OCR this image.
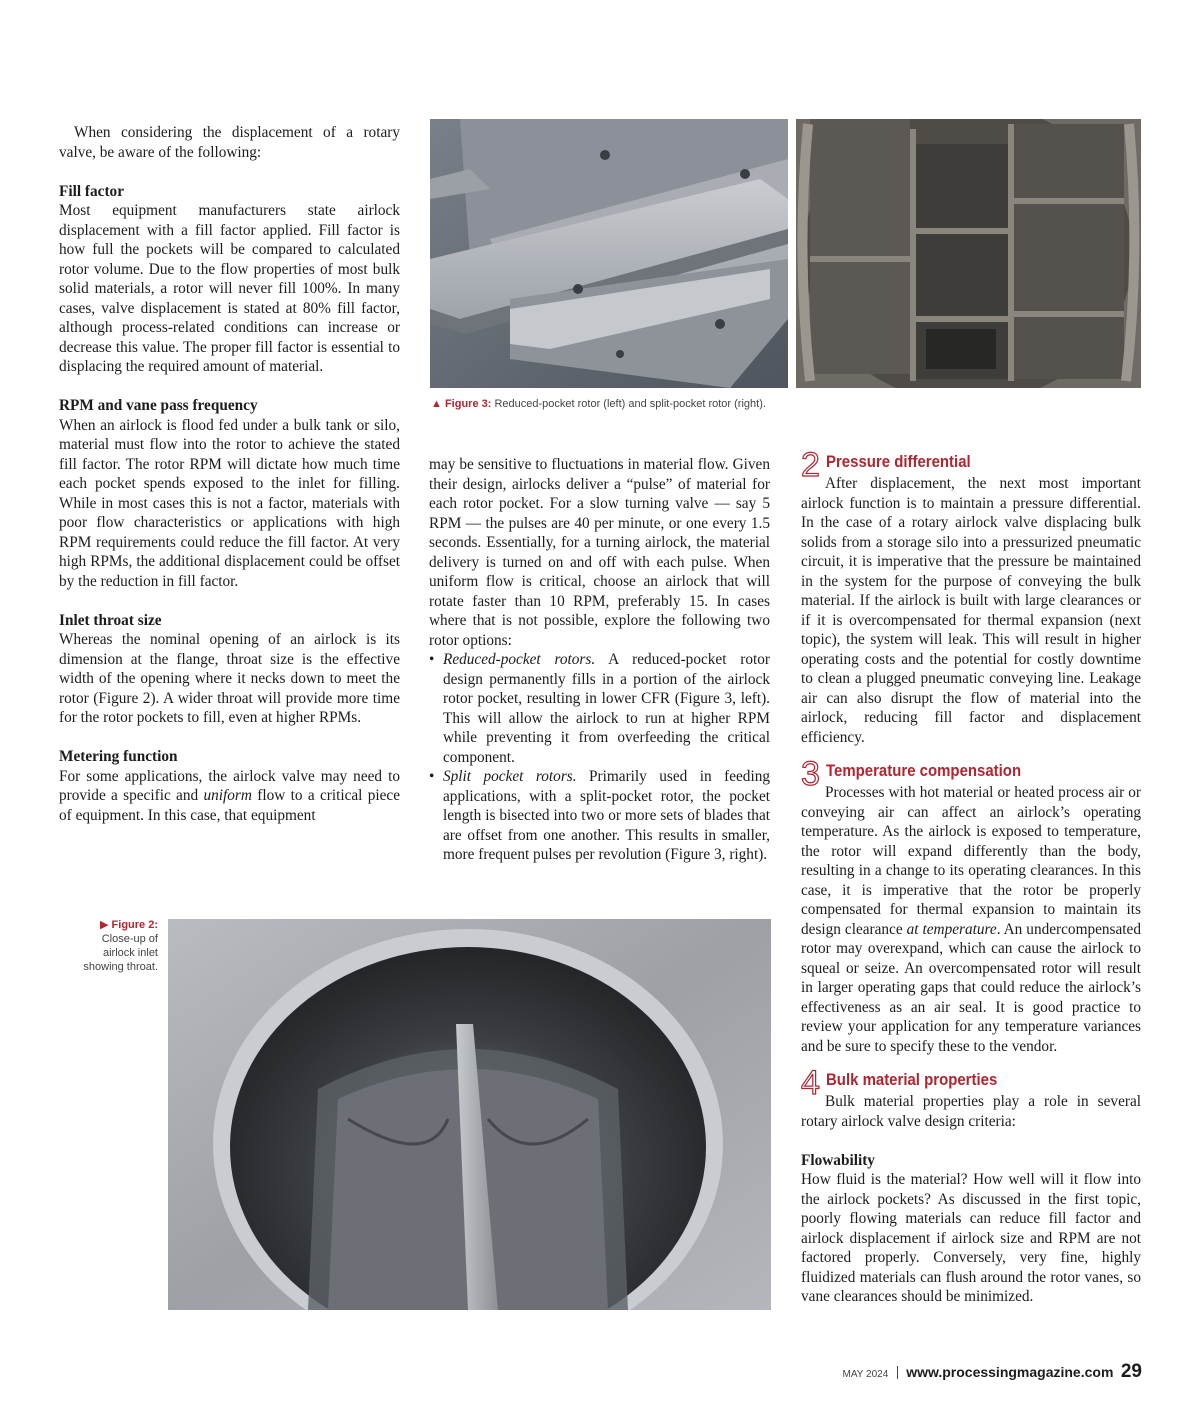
▲ Figure 3: Reduced-pocket rotor (left) and split-pocket rotor (right).

When considering the displacement of a rotary valve, be aware of the following:

Fill factor

Most equipment manufacturers state airlock displacement with a fill factor applied. Fill factor is how full the pockets will be compared to calculated rotor volume. Due to the flow properties of most bulk solid materials, a rotor will never fill 100%. In many cases, valve displacement is stated at 80% fill factor, although process-related conditions can increase or decrease this value. The proper fill factor is essential to displacing the required amount of material.

RPM and vane pass frequency

When an airlock is flood fed under a bulk tank or silo, material must flow into the rotor to achieve the stated fill factor. The rotor RPM will dictate how much time each pocket spends exposed to the inlet for filling. While in most cases this is not a factor, materials with poor flow characteristics or applications with high RPM requirements could reduce the fill factor. At very high RPMs, the additional displacement could be offset by the reduction in fill factor.

Inlet throat size

Whereas the nominal opening of an airlock is its dimension at the flange, throat size is the effective width of the opening where it necks down to meet the rotor (Figure 2). A wider throat will provide more time for the rotor pockets to fill, even at higher RPMs.

Metering function

For some applications, the airlock valve may need to provide a specific and uniform flow to a critical piece of equipment. In this case, that equipment

may be sensitive to fluctuations in material flow. Given their design, airlocks deliver a “pulse” of material for each rotor pocket. For a slow turning valve — say 5 RPM — the pulses are 40 per minute, or one every 1.5 seconds. Essentially, for a turning airlock, the material delivery is turned on and off with each pulse. When uniform flow is critical, choose an airlock that will rotate faster than 10 RPM, preferably 15. In cases where that is not possible, explore the following two rotor options:

• Reduced-pocket rotors. A reduced-pocket rotor design permanently fills in a portion of the airlock rotor pocket, resulting in lower CFR (Figure 3, left). This will allow the airlock to run at higher RPM while preventing it from overfeeding the critical component.
• Split pocket rotors. Primarily used in feeding applications, with a split-pocket rotor, the pocket length is bisected into two or more sets of blades that are offset from one another. This results in smaller, more frequent pulses per revolution (Figure 3, right).
2 Pressure differential

After displacement, the next most important airlock function is to maintain a pressure differential. In the case of a rotary airlock valve displacing bulk solids from a storage silo into a pressurized pneumatic circuit, it is imperative that the pressure be maintained in the system for the purpose of conveying the bulk material. If the airlock is built with large clearances or if it is overcompensated for thermal expansion (next topic), the system will leak. This will result in higher operating costs and the potential for costly downtime to clean a plugged pneumatic conveying line. Leakage air can also disrupt the flow of material into the airlock, reducing fill factor and displacement efficiency.

3 Temperature compensation

Processes with hot material or heated process air or conveying air can affect an airlock’s operating temperature. As the airlock is exposed to temperature, the rotor will expand differently than the body, resulting in a change to its operating clearances. In this case, it is imperative that the rotor be properly compensated for thermal expansion to maintain its design clearance at temperature. An undercompensated rotor may overexpand, which can cause the airlock to squeal or seize. An overcompensated rotor will result in larger operating gaps that could reduce the airlock’s effectiveness as an air seal. It is good practice to review your application for any temperature variances and be sure to specify these to the vendor.

4 Bulk material properties

Bulk material properties play a role in several rotary airlock valve design criteria:

Flowability

How fluid is the material? How well will it flow into the airlock pockets? As discussed in the first topic, poorly flowing materials can reduce fill factor and airlock displacement if airlock size and RPM are not factored properly. Conversely, very fine, highly fluidized materials can flush around the rotor vanes, so vane clearances should be minimized.

▶ Figure 2:
Close-up of airlock inlet showing throat.
MAY 2024 www.processingmagazine.com 29
